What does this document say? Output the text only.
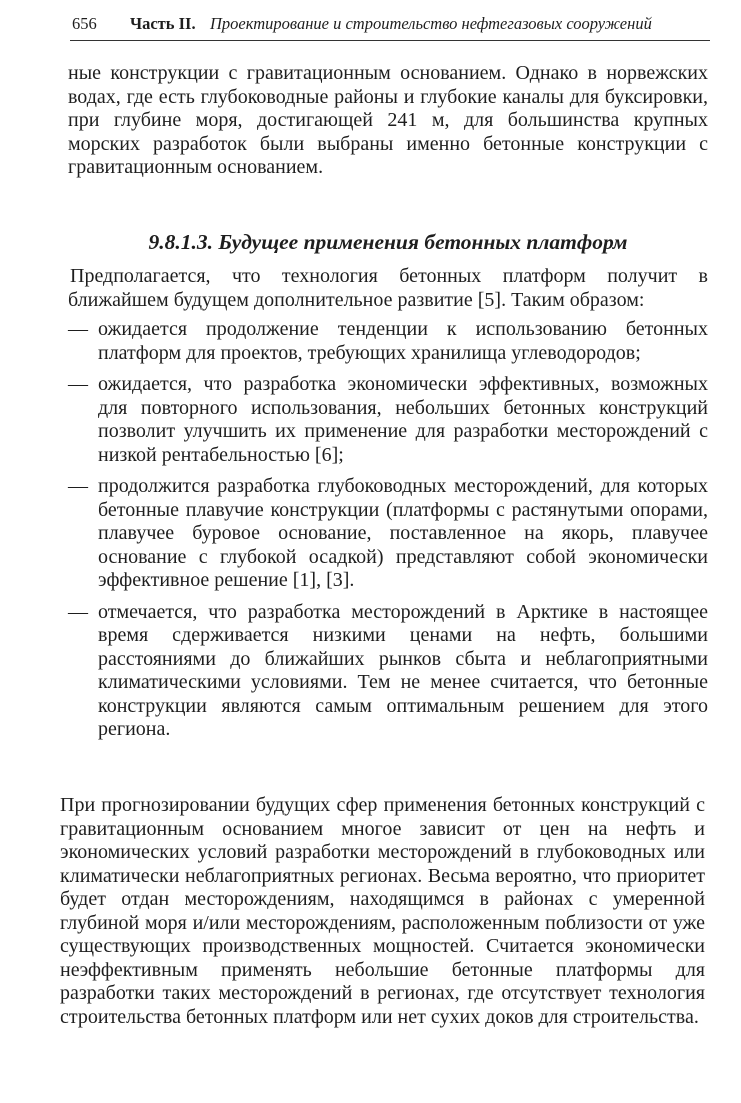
656 Часть II. Проектирование и строительство нефтегазовых сооружений
ные конструкции с гравитационным основанием. Однако в норвежских водах, где есть глубоководные районы и глубокие каналы для буксировки, при глубине моря, достигающей 241 м, для большинства крупных морских разработок были выбраны именно бетонные конструкции с гравитационным основанием.
9.8.1.3. Будущее применения бетонных платформ
Предполагается, что технология бетонных платформ получит в ближайшем будущем дополнительное развитие [5]. Таким образом:
— ожидается продолжение тенденции к использованию бетонных платформ для проектов, требующих хранилища углеводородов;
— ожидается, что разработка экономически эффективных, возможных для повторного использования, небольших бетонных конструкций позволит улучшить их применение для разработки месторождений с низкой рентабельностью [6];
— продолжится разработка глубоководных месторождений, для которых бетонные плавучие конструкции (платформы с растянутыми опорами, плавучее буровое основание, поставленное на якорь, плавучее основание с глубокой осадкой) представляют собой экономически эффективное решение [1], [3].
— отмечается, что разработка месторождений в Арктике в настоящее время сдерживается низкими ценами на нефть, большими расстояниями до ближайших рынков сбыта и неблагоприятными климатическими условиями. Тем не менее считается, что бетонные конструкции являются самым оптимальным решением для этого региона.
При прогнозировании будущих сфер применения бетонных конструкций с гравитационным основанием многое зависит от цен на нефть и экономических условий разработки месторождений в глубоководных или климатически неблагоприятных регионах. Весьма вероятно, что приоритет будет отдан месторождениям, находящимся в районах с умеренной глубиной моря и/или месторождениям, расположенным поблизости от уже существующих производственных мощностей. Считается экономически неэффективным применять небольшие бетонные платформы для разработки таких месторождений в регионах, где отсутствует технология строительства бетонных платформ или нет сухих доков для строительства.
